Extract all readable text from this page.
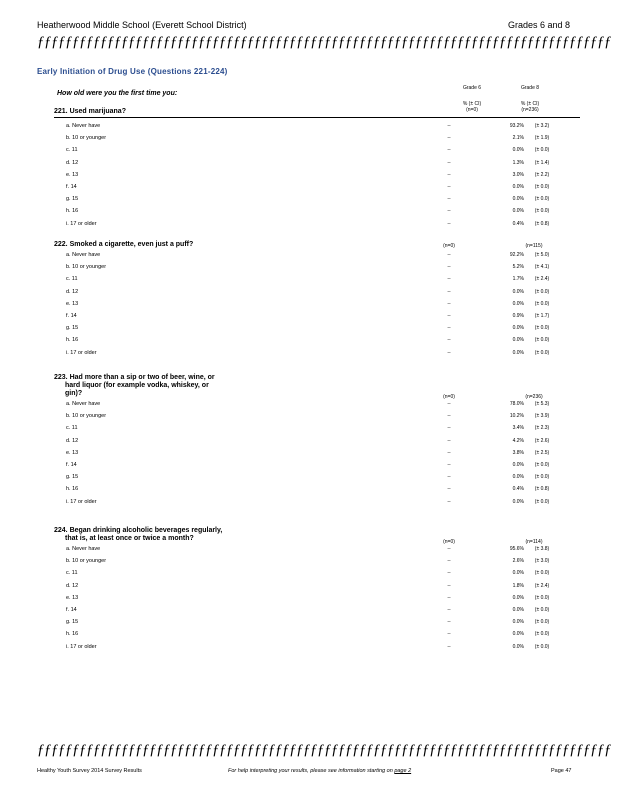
Heatherwood Middle School (Everett School District)	Grades 6 and 8
ƒƒƒƒƒƒƒƒƒƒƒƒƒƒƒƒƒƒƒƒƒƒƒƒƒƒƒƒƒƒƒƒƒƒƒƒƒƒƒƒƒƒƒƒƒƒƒƒƒƒƒƒƒƒƒƒƒƒƒƒƒƒƒƒƒƒƒƒƒƒƒƒƒƒƒƒƒƒƒƒƒƒ
Early Initiation of Drug Use (Questions 221-224)
How old were you the first time you:
Grade 6	Grade 8
% (± CI)
(n=0)
% (± CI)
(n=236)
221. Used marijuana?
a. Never have	--	93.2%	(± 3.2)
b. 10 or younger	--	2.1%	(± 1.9)
c. 11	--	0.0%	(± 0.0)
d. 12	--	1.3%	(± 1.4)
e. 13	--	3.0%	(± 2.2)
f. 14	--	0.0%	(± 0.0)
g. 15	--	0.0%	(± 0.0)
h. 16	--	0.0%	(± 0.0)
i. 17 or older	--	0.4%	(± 0.8)
222. Smoked a cigarette, even just a puff?	(n=0)	(n=115)
a. Never have	--	92.2%	(± 5.0)
b. 10 or younger	--	5.2%	(± 4.1)
c. 11	--	1.7%	(± 2.4)
d. 12	--	0.0%	(± 0.0)
e. 13	--	0.0%	(± 0.0)
f. 14	--	0.9%	(± 1.7)
g. 15	--	0.0%	(± 0.0)
h. 16	--	0.0%	(± 0.0)
i. 17 or older	--	0.0%	(± 0.0)
223. Had more than a sip or two of beer, wine, or
hard liquor (for example vodka, whiskey, or
gin)?	(n=0)	(n=236)
a. Never have	--	78.0%	(± 5.3)
b. 10 or younger	--	10.2%	(± 3.9)
c. 11	--	3.4%	(± 2.3)
d. 12	--	4.2%	(± 2.6)
e. 13	--	3.8%	(± 2.5)
f. 14	--	0.0%	(± 0.0)
g. 15	--	0.0%	(± 0.0)
h. 16	--	0.4%	(± 0.8)
i. 17 or older	--	0.0%	(± 0.0)
224. Began drinking alcoholic beverages regularly,
that is, at least once or twice a month?	(n=0)	(n=114)
a. Never have	--	95.6%	(± 3.8)
b. 10 or younger	--	2.6%	(± 3.0)
c. 11	--	0.0%	(± 0.0)
d. 12	--	1.8%	(± 2.4)
e. 13	--	0.0%	(± 0.0)
f. 14	--	0.0%	(± 0.0)
g. 15	--	0.0%	(± 0.0)
h. 16	--	0.0%	(± 0.0)
i. 17 or older	--	0.0%	(± 0.0)
ƒƒƒƒƒƒƒƒƒƒƒƒƒƒƒƒƒƒƒƒƒƒƒƒƒƒƒƒƒƒƒƒƒƒƒƒƒƒƒƒƒƒƒƒƒƒƒƒƒƒƒƒƒƒƒƒƒƒƒƒƒƒƒƒƒƒƒƒƒƒƒƒƒƒƒƒƒƒƒƒƒƒ
Healthy Youth Survey 2014 Survey Results	For help interpreting your results, please see information starting on page 2	Page 47
